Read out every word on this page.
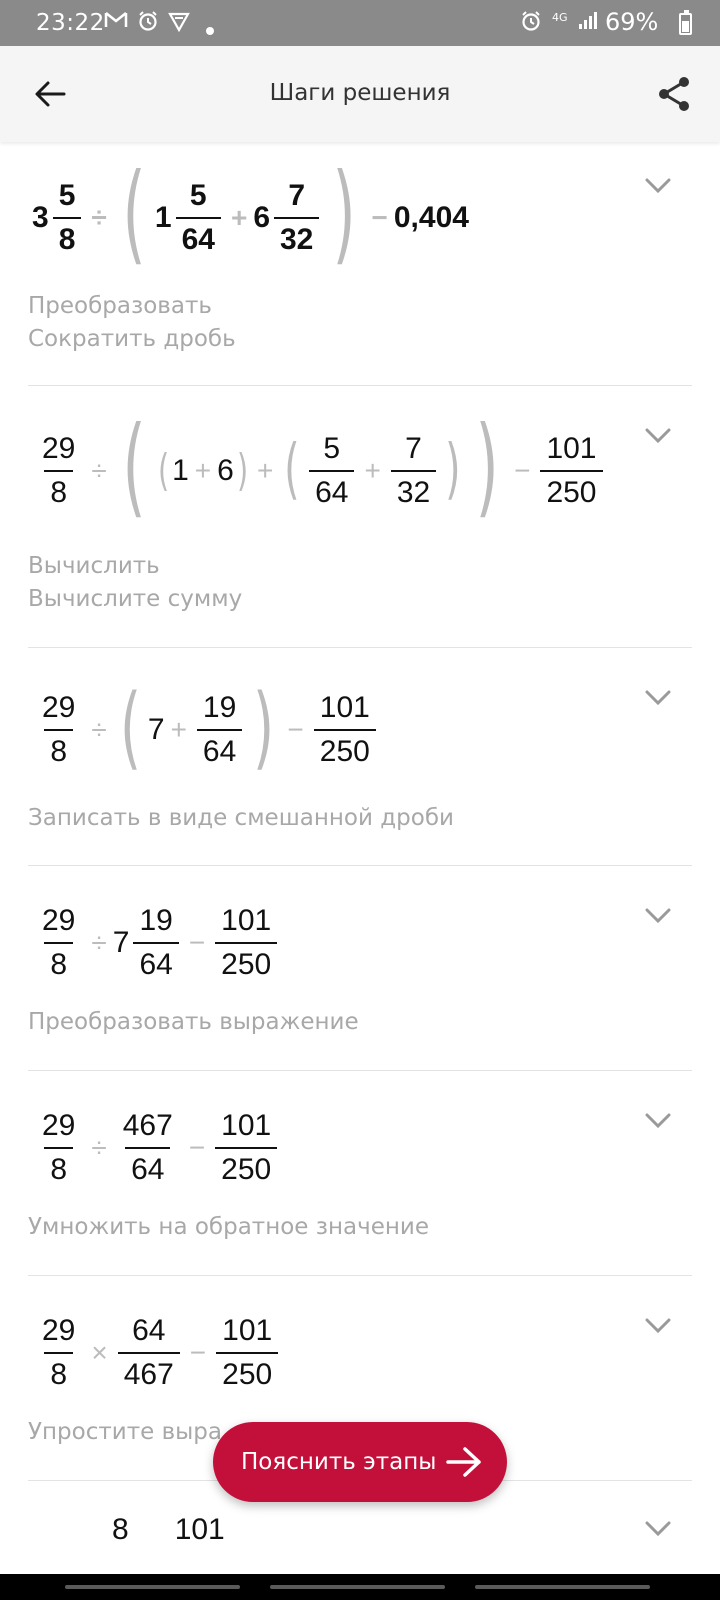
23:22	4G 69%
Шаги решения
$3 \frac{5}{8}$ ÷ ( $1 \frac{5}{64} + 6 \frac{7}{32}$ ) − 0,404
Преобразовать
Сократить дробь
$\frac{29}{8}$ ÷ ( ( 1 + 6 ) + ( $\frac{5}{64} + \frac{7}{32}$ ) ) − $\frac{101}{250}$
Вычислить
Вычислите сумму
$\frac{29}{8}$ ÷ ( $7 + \frac{19}{64}$ ) − $\frac{101}{250}$
Записать в виде смешанной дроби
$\frac{29}{8} \div 7 \frac{19}{64} - \frac{101}{250}$
Преобразовать выражение
$\frac{29}{8} \div \frac{467}{64} - \frac{101}{250}$
Умножить на обратное значение
$\frac{29}{8} \times \frac{64}{467} - \frac{101}{250}$
Упростите выра
8 101
Пояснить этапы
